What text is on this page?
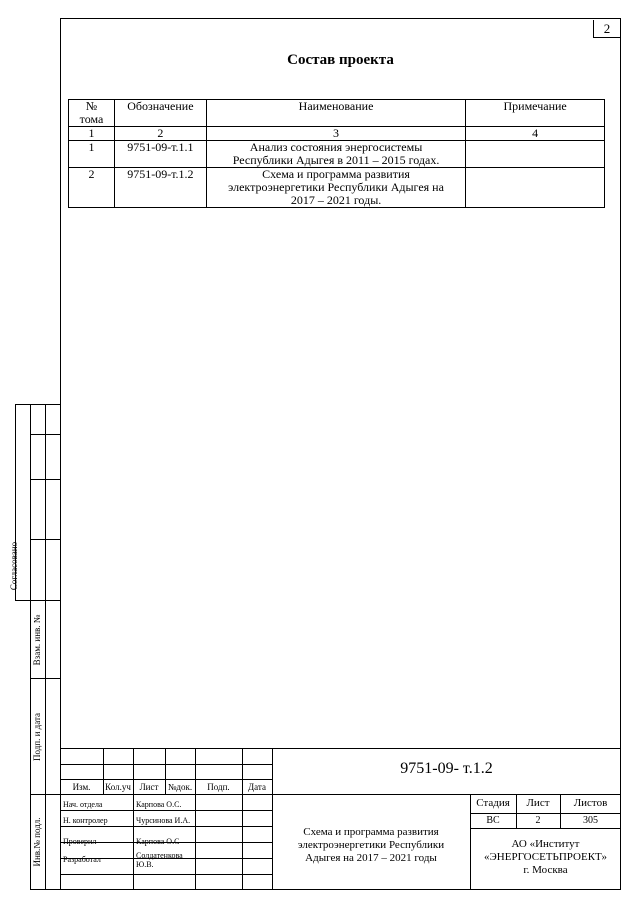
2
Состав проекта
№
тома	Обозначение	Наименование	Примечание
1	2	3	4
1	9751-09-т.1.1	Анализ состояния энергосистемы
Республики Адыгея в 2011 – 2015 годах.	

2	9751-09-т.1.2	Схема и программа развития
электроэнергетики Республики Адыгея на
2017 – 2021 годы.	

Согласовано
Взам. инв. №
Подп. и дата
Инв.№ подл.
9751-09- т.1.2
Изм.	Кол.уч Лист	№док.	Подп.	Дата
Нач. отдела	Карпова О.С.
Н. контролер	Чурсинова И.А.
Проверил	Карпова О.С
Разработал	Солдатенкова
Ю.В.
Схема и программа развития
электроэнергетики Республики
Адыгея на 2017 – 2021 годы
Стадия	Лист	Листов
ВС	2	305
АО «Институт
«ЭНЕРГОСЕТЬПРОЕКТ»
г. Москва
